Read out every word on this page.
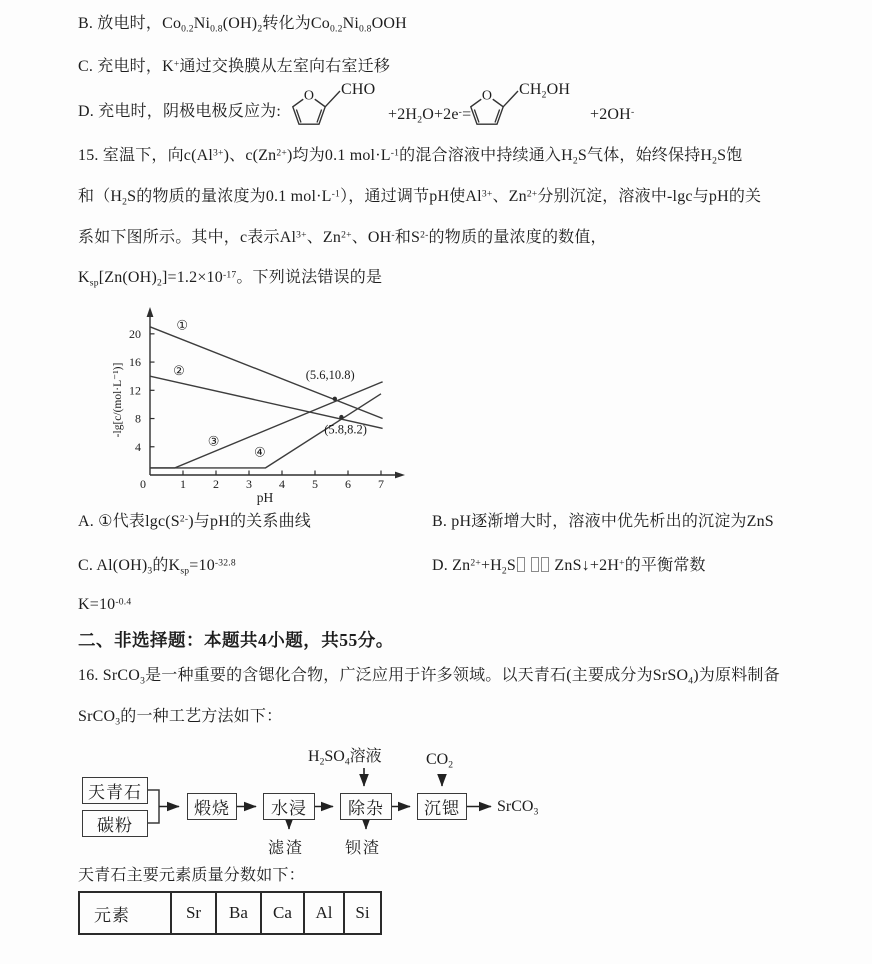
B. 放电时，$Co_{0.2}Ni_{0.8}(OH)_2$转化为$Co_{0.2}Ni_{0.8}OOH$
C. 充电时，K+通过交换膜从左室向右室迁移
D. 充电时，阴极电极反应为:
O CHO
$+2H_2O+2e^-=$
O $CH_2OH$
+2OH-
15. 室温下，向$c(Al^{3+})$、$c(Zn^{2+})$均为0.1 $mol\cdot L^{-1}$的混合溶液中持续通入$H_2S$气体，始终保持$H_2S$饱
和（$H_2S$的物质的量浓度为0.1 $mol\cdot L^{-1}$），通过调节pH使$Al^{3+}$、$Zn^{2+}$分别沉淀，溶液中-lgc与pH的关
系如下图所示。其中，c表示$Al^{3+}$、$Zn^{2+}$、OH-和$S^{2-}$的物质的量浓度的数值，
$K_{sp}[Zn(OH)_2]=1.2\times 10^{-17}$。下列说法错误的是
0	1 2 3 4 5 6 7
4
8
12
16
20
①
②
③
④
(5.6,10.8)
(5.8,8.2)
pH
-lg[c/(mol·L⁻¹)]
A. ①代表$\lg c(S^{2-})$与pH的关系曲线	B. pH逐渐增大时，溶液中优先析出的沉淀为ZnS
C. $Al(OH)_3$的$K_{sp}=10^{-32.8}$	D. $Zn^{2+}+H_2S$  ZnS↓+2H+的平衡常数
$K=10^{-0.4}$
二、非选择题：本题共4小题，共55分。
16. SrCO$_3$是一种重要的含锶化合物，广泛应用于许多领域。以天青石(主要成分为SrSO$_4$)为原料制备
SrCO$_3$的一种工艺方法如下：
天青石
碳粉
煅烧	水浸	除杂	沉锶
$H_2SO_4$溶液	$CO_2$
滤渣	钡渣
SrCO$_3$
天青石主要元素质量分数如下：
元素	Sr	Ba	Ca	Al	Si
